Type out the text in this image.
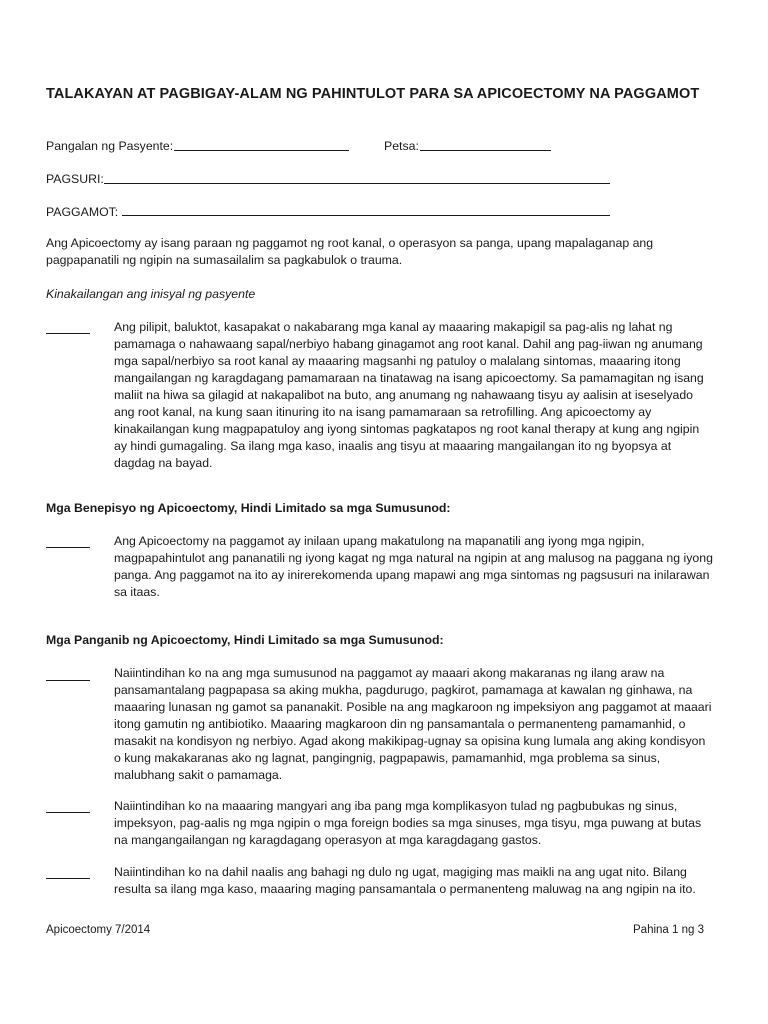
TALAKAYAN AT PAGBIGAY-ALAM NG PAHINTULOT PARA SA APICOECTOMY NA PAGGAMOT
Pangalan ng Pasyente:	Petsa:
PAGSURI:
PAGGAMOT:
Ang Apicoectomy ay isang paraan ng paggamot ng root kanal, o operasyon sa panga, upang mapalaganap ang pagpapanatili ng ngipin na sumasailalim sa pagkabulok o trauma.
Kinakailangan ang inisyal ng pasyente
Ang pilipit, baluktot, kasapakat o nakabarang mga kanal ay maaaring makapigil sa pag-alis ng lahat ng pamamaga o nahawaang sapal/nerbiyo habang ginagamot ang root kanal. Dahil ang pag-iiwan ng anumang mga sapal/nerbiyo sa root kanal ay maaaring magsanhi ng patuloy o malalang sintomas, maaaring itong mangailangan ng karagdagang pamamaraan na tinatawag na isang apicoectomy. Sa pamamagitan ng isang maliit na hiwa sa gilagid at nakapalibot na buto, ang anumang ng nahawaang tisyu ay aalisin at iseselyado ang root kanal, na kung saan itinuring ito na isang pamamaraan sa retrofilling. Ang apicoectomy ay kinakailangan kung magpapatuloy ang iyong sintomas pagkatapos ng root kanal therapy at kung ang ngipin ay hindi gumagaling. Sa ilang mga kaso, inaalis ang tisyu at maaaring mangailangan ito ng byopsya at dagdag na bayad.
Mga Benepisyo ng Apicoectomy, Hindi Limitado sa mga Sumusunod:
Ang Apicoectomy na paggamot ay inilaan upang makatulong na mapanatili ang iyong mga ngipin, magpapahintulot ang pananatili ng iyong kagat ng mga natural na ngipin at ang malusog na paggana ng iyong panga. Ang paggamot na ito ay inirerekomenda upang mapawi ang mga sintomas ng pagsusuri na inilarawan sa itaas.
Mga Panganib ng Apicoectomy, Hindi Limitado sa mga Sumusunod:
Naiintindihan ko na ang mga sumusunod na paggamot ay maaari akong makaranas ng ilang araw na pansamantalang pagpapasa sa aking mukha, pagdurugo, pagkirot, pamamaga at kawalan ng ginhawa, na maaaring lunasan ng gamot sa pananakit. Posible na ang magkaroon ng impeksiyon ang paggamot at maaari itong gamutin ng antibiotiko. Maaaring magkaroon din ng pansamantala o permanenteng pamamanhid, o masakit na kondisyon ng nerbiyo. Agad akong makikipag-ugnay sa opisina kung lumala ang aking kondisyon o kung makakaranas ako ng lagnat, pangingnig, pagpapawis, pamamanhid, mga problema sa sinus, malubhang sakit o pamamaga.
Naiintindihan ko na maaaring mangyari ang iba pang mga komplikasyon tulad ng pagbubukas ng sinus, impeksyon, pag-aalis ng mga ngipin o mga foreign bodies sa mga sinuses, mga tisyu, mga puwang at butas na mangangailangan ng karagdagang operasyon at mga karagdagang gastos.
Naiintindihan ko na dahil naalis ang bahagi ng dulo ng ugat, magiging mas maikli na ang ugat nito. Bilang resulta sa ilang mga kaso, maaaring maging pansamantala o permanenteng maluwag na ang ngipin na ito.
Apicoectomy 7/2014	Pahina 1 ng 3
